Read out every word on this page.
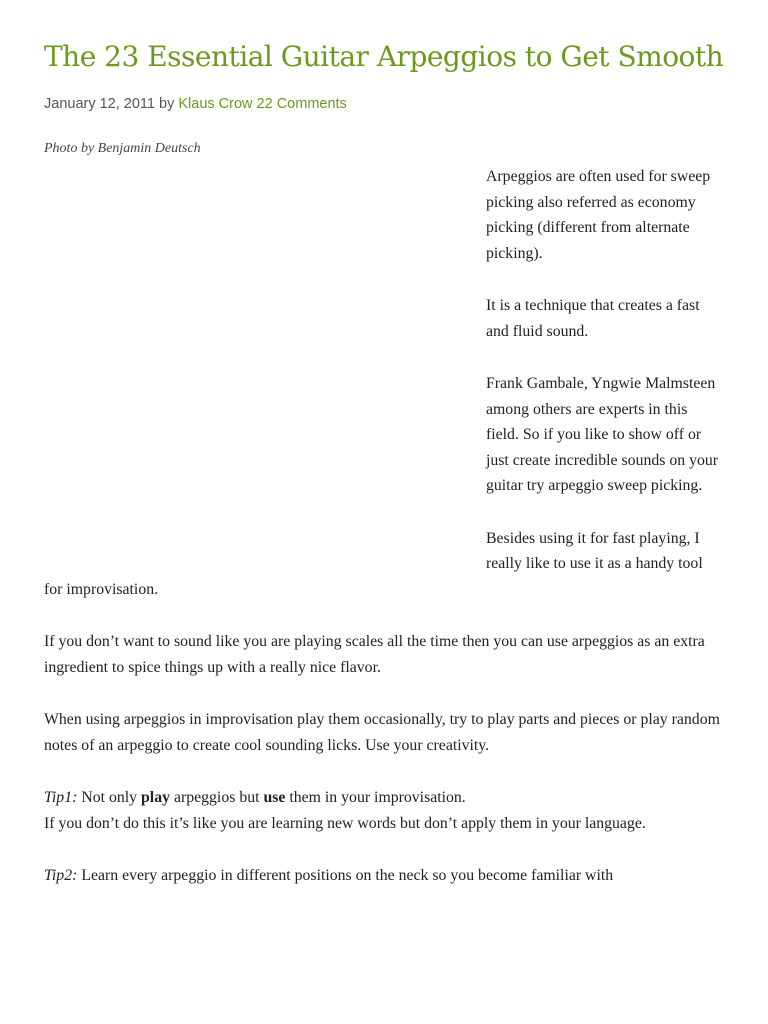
The 23 Essential Guitar Arpeggios to Get Smooth
January 12, 2011 by Klaus Crow 22 Comments
Photo by Benjamin Deutsch

Arpeggios are often used for sweep picking also referred as economy picking (different from alternate picking).

It is a technique that creates a fast and fluid sound.

Frank Gambale, Yngwie Malmsteen among others are experts in this field. So if you like to show off or just create incredible sounds on your guitar try arpeggio sweep picking.

Besides using it for fast playing, I really like to use it as a handy tool for improvisation.

If you don’t want to sound like you are playing scales all the time then you can use arpeggios as an extra ingredient to spice things up with a really nice flavor.

When using arpeggios in improvisation play them occasionally, try to play parts and pieces or play random notes of an arpeggio to create cool sounding licks. Use your creativity.

Tip1: Not only play arpeggios but use them in your improvisation.
If you don’t do this it’s like you are learning new words but don’t apply them in your language.

Tip2: Learn every arpeggio in different positions on the neck so you become familiar with
